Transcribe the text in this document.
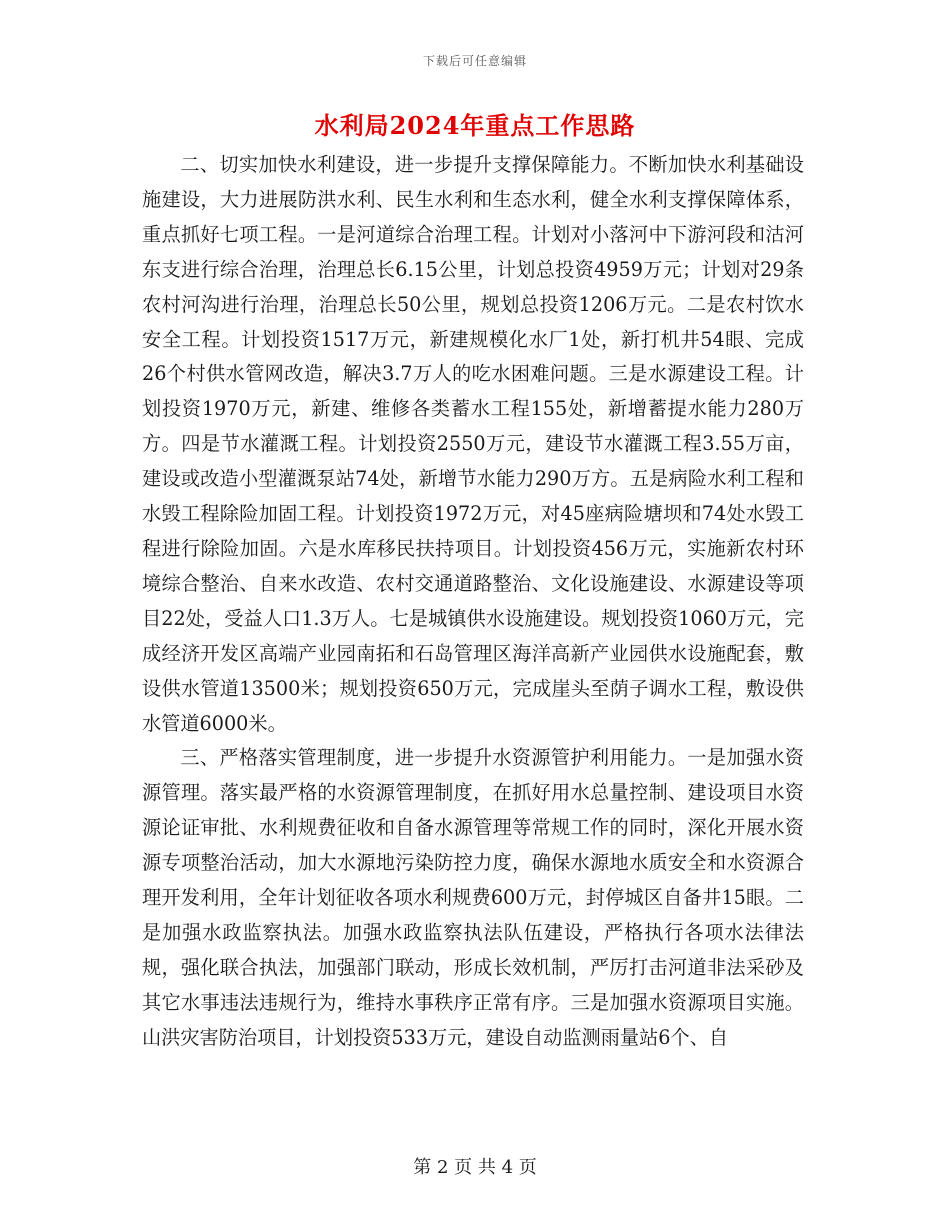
下载后可任意编辑
水利局2024年重点工作思路

二、切实加快水利建设，进一步提升支撑保障能力。不断加快水利基础设施建设，大力进展防洪水利、民生水利和生态水利，健全水利支撑保障体系，重点抓好七项工程。一是河道综合治理工程。计划对小落河中下游河段和沽河东支进行综合治理，治理总长6.15公里，计划总投资4959万元；计划对29条农村河沟进行治理，治理总长50公里，规划总投资1206万元。二是农村饮水安全工程。计划投资1517万元，新建规模化水厂1处，新打机井54眼、完成26个村供水管网改造，解决3.7万人的吃水困难问题。三是水源建设工程。计划投资1970万元，新建、维修各类蓄水工程155处，新增蓄提水能力280万方。四是节水灌溉工程。计划投资2550万元，建设节水灌溉工程3.55万亩，建设或改造小型灌溉泵站74处，新增节水能力290万方。五是病险水利工程和水毁工程除险加固工程。计划投资1972万元，对45座病险塘坝和74处水毁工程进行除险加固。六是水库移民扶持项目。计划投资456万元，实施新农村环境综合整治、自来水改造、农村交通道路整治、文化设施建设、水源建设等项目22处，受益人口1.3万人。七是城镇供水设施建设。规划投资1060万元，完成经济开发区高端产业园南拓和石岛管理区海洋高新产业园供水设施配套，敷设供水管道13500米；规划投资650万元，完成崖头至荫子调水工程，敷设供水管道6000米。

三、严格落实管理制度，进一步提升水资源管护利用能力。一是加强水资源管理。落实最严格的水资源管理制度，在抓好用水总量控制、建设项目水资源论证审批、水利规费征收和自备水源管理等常规工作的同时，深化开展水资源专项整治活动，加大水源地污染防控力度，确保水源地水质安全和水资源合理开发利用，全年计划征收各项水利规费600万元，封停城区自备井15眼。二是加强水政监察执法。加强水政监察执法队伍建设，严格执行各项水法律法规，强化联合执法，加强部门联动，形成长效机制，严厉打击河道非法采砂及其它水事违法违规行为，维持水事秩序正常有序。三是加强水资源项目实施。山洪灾害防治项目，计划投资533万元，建设自动监测雨量站6个、自

第 2 页 共 4 页
